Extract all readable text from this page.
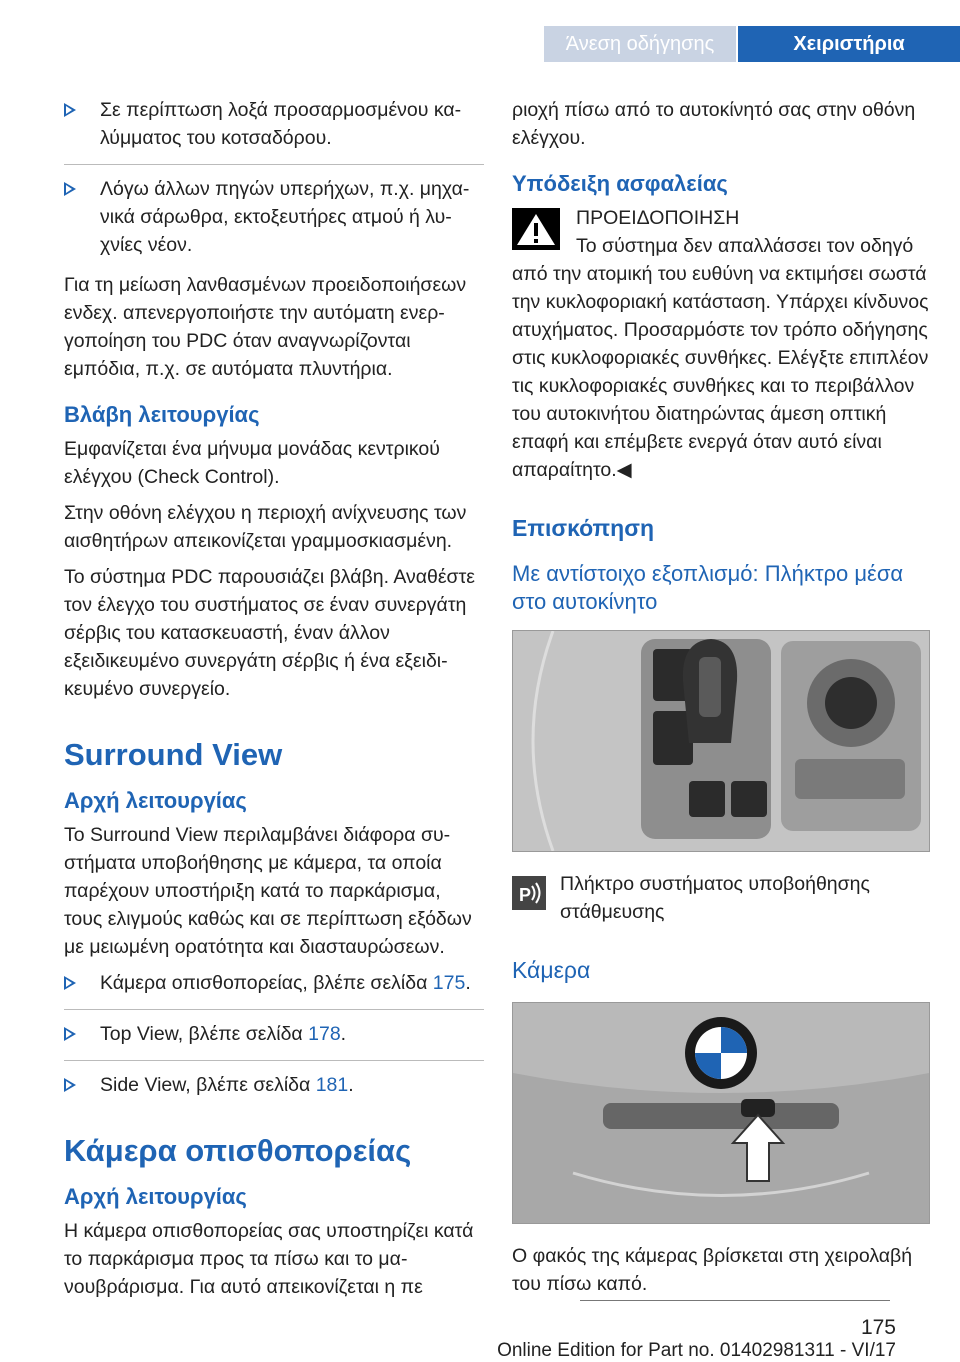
Άνεση οδήγησης	Χειριστήρια
Σε περίπτωση λοξά προσαρμοσμένου καλύμματος του κοτσαδόρου.
Λόγω άλλων πηγών υπερήχων, π.χ. μηχανικά σάρωθρα, εκτοξευτήρες ατμού ή λυχνίες νέον.

Για τη μείωση λανθασμένων προειδοποιήσεων ενδεχ. απενεργοποιήστε την αυτόματη ενεργοποίηση του PDC όταν αναγνωρίζονται εμπόδια, π.χ. σε αυτόματα πλυντήρια.

Βλάβη λειτουργίας

Εμφανίζεται ένα μήνυμα μονάδας κεντρικού ελέγχου (Check Control).

Στην οθόνη ελέγχου η περιοχή ανίχνευσης των αισθητήρων απεικονίζεται γραμμοσκιασμένη.

Το σύστημα PDC παρουσιάζει βλάβη. Αναθέστε τον έλεγχο του συστήματος σε έναν συνεργάτη σέρβις του κατασκευαστή, έναν άλλον εξειδικευμένο συνεργάτη σέρβις ή ένα εξειδικευμένο συνεργείο.

Surround View
Αρχή λειτουργίας

Το Surround View περιλαμβάνει διάφορα συστήματα υποβοήθησης με κάμερα, τα οποία παρέχουν υποστήριξη κατά το παρκάρισμα, τους ελιγμούς καθώς και σε περίπτωση εξόδων με μειωμένη ορατότητα και διασταυρώσεων.

Κάμερα οπισθοπορείας, βλέπε σελίδα 175.
Top View, βλέπε σελίδα 178.
Side View, βλέπε σελίδα 181.
Κάμερα οπισθοπορείας
Αρχή λειτουργίας

Η κάμερα οπισθοπορείας σας υποστηρίζει κατά το παρκάρισμα προς τα πίσω και το μανουβράρισμα. Για αυτό απεικονίζεται η πε

ριοχή πίσω από το αυτοκίνητό σας στην οθόνη ελέγχου.

Υπόδειξη ασφαλείας
ΠΡΟΕΙΔΟΠΟΙΗΣΗ
Το σύστημα δεν απαλλάσσει τον οδηγό από την ατομική του ευθύνη να εκτιμήσει σωστά την κυκλοφοριακή κατάσταση. Υπάρχει κίνδυνος ατυχήματος. Προσαρμόστε τον τρόπο οδήγησης στις κυκλοφοριακές συνθήκες. Ελέγξτε επιπλέον τις κυκλοφοριακές συνθήκες και το περιβάλλον του αυτοκινήτου διατηρώντας άμεση οπτική επαφή και επέμβετε ενεργά όταν αυτό είναι απαραίτητο.◀
Επισκόπηση
Με αντίστοιχο εξοπλισμό: Πλήκτρο μέσα στο αυτοκίνητο
P Πλήκτρο συστήματος υποβοήθησης στάθμευσης
Κάμερα

Ο φακός της κάμερας βρίσκεται στη χειρολαβή του πίσω καπό.

175
Online Edition for Part no. 01402981311 - VI/17
